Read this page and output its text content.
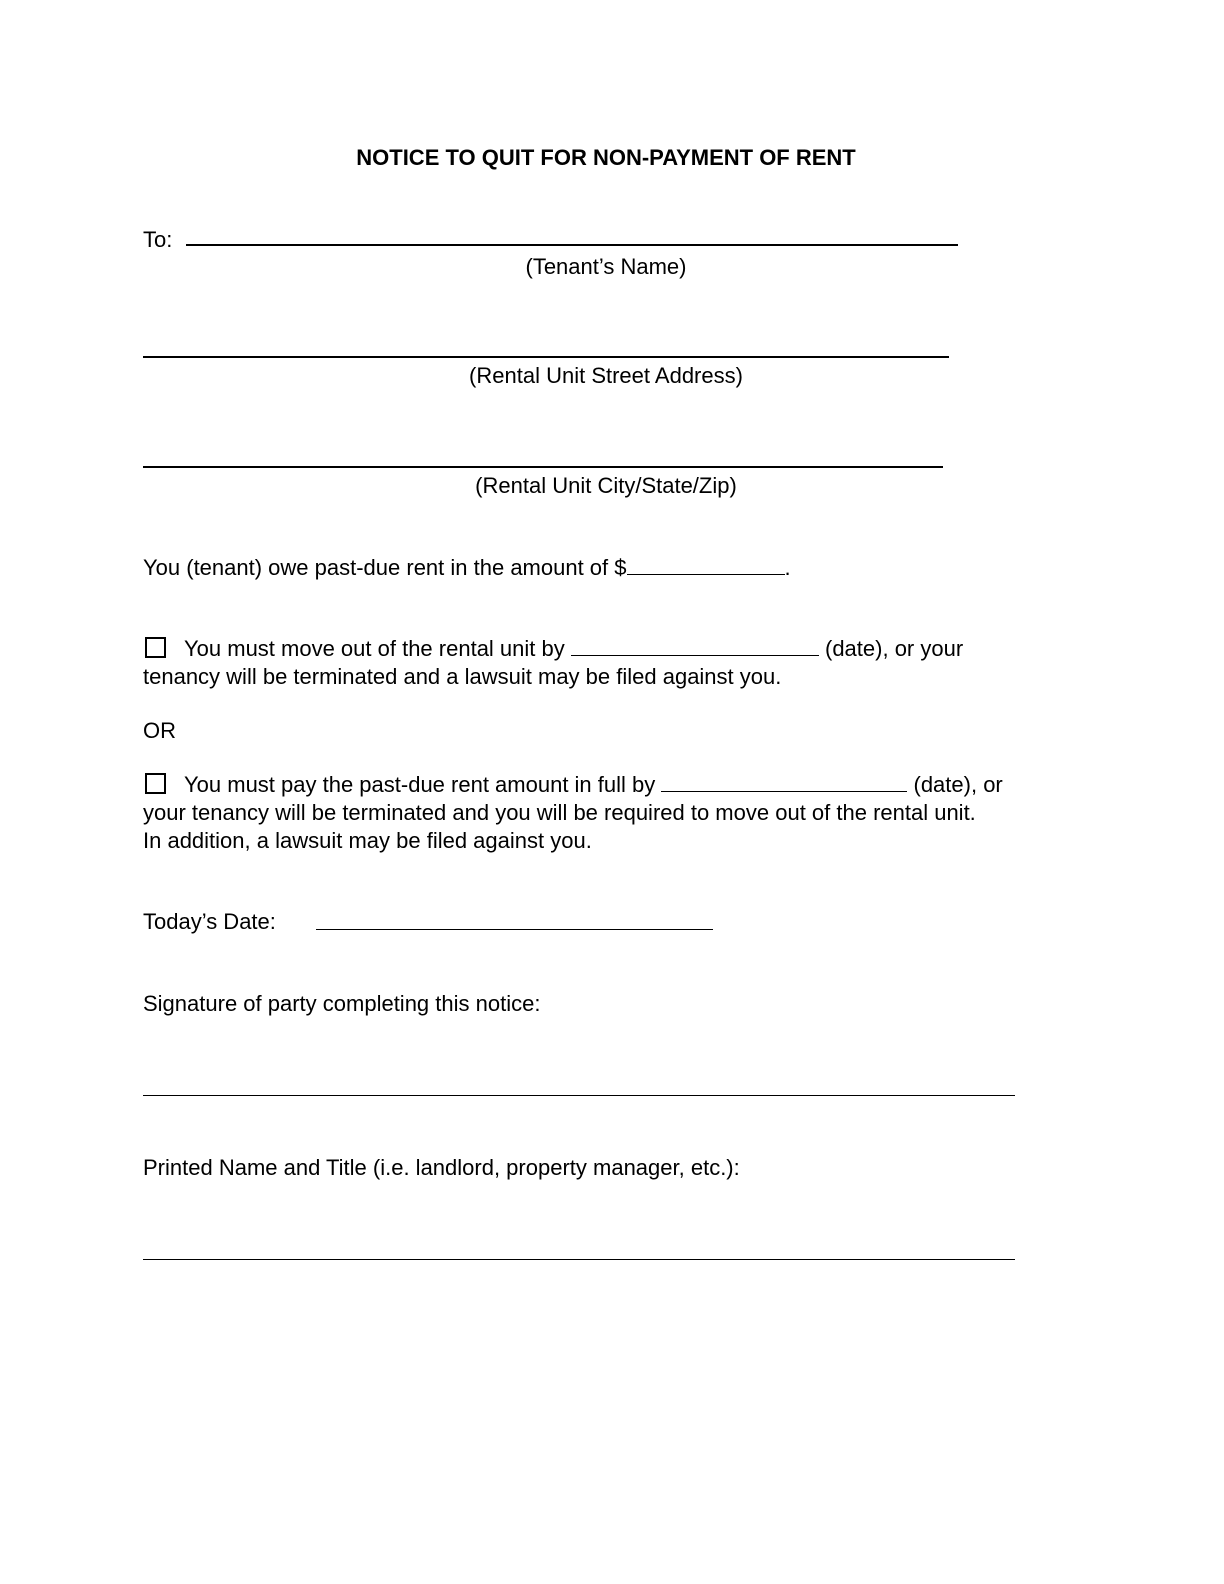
NOTICE TO QUIT FOR NON-PAYMENT OF RENT
To:
(Tenant’s Name)
(Rental Unit Street Address)
(Rental Unit City/State/Zip)
You (tenant) owe past-due rent in the amount of $	.
You must move out of the rental unit by	(date), or your
tenancy will be terminated and a lawsuit may be filed against you.
OR
You must pay the past-due rent amount in full by	(date), or
your tenancy will be terminated and you will be required to move out of the rental unit.
In addition, a lawsuit may be filed against you.
Today’s Date:
Signature of party completing this notice:
Printed Name and Title (i.e. landlord, property manager, etc.):
